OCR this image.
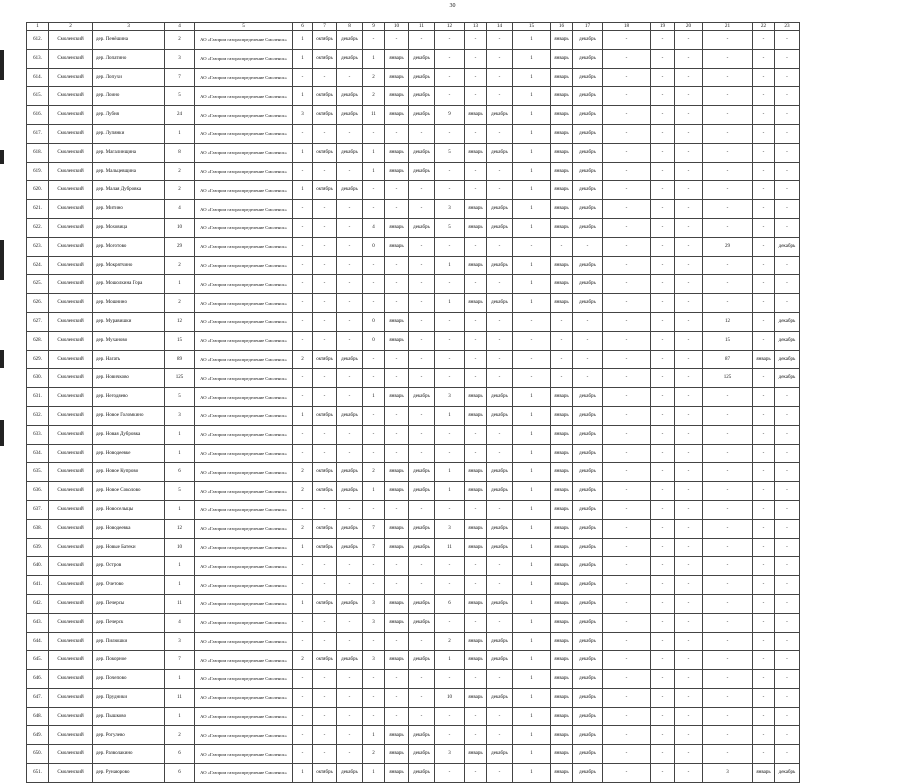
30
1	2	3	4	5	6	7	8	9	10	11	12	13	14	15	16	17	18	19	20	21	22	23
612.	Смоленский	дер. Пенёшина	2	АО «Газпром газораспределение Смоленск»	1	октябрь	декабрь	-	-	-	-	-	-	1	январь	декабрь	-	-	-	-	-	-
613.	Смоленский	дер. Лопатино	3	АО «Газпром газораспределение Смоленск»	1	октябрь	декабрь	1	январь	декабрь	-	-	-	1	январь	декабрь	-	-	-	-	-	-
614.	Смоленский	дер. Лопухи	7	АО «Газпром газораспределение Смоленск»	-	-	-	2	январь	декабрь	-	-	-	1	январь	декабрь	-	-	-	-	-	-
615.	Смоленский	дер. Лоино	5	АО «Газпром газораспределение Смоленск»	1	октябрь	декабрь	2	январь	декабрь	-	-	-	1	январь	декабрь	-	-	-	-	-	-
616.	Смоленский	дер. Лубня	24	АО «Газпром газораспределение Смоленск»	3	октябрь	декабрь	11	январь	декабрь	9	январь	декабрь	1	январь	декабрь	-	-	-	-	-	-
617.	Смоленский	дер. Лупянки	1	АО «Газпром газораспределение Смоленск»	-	-	-	-	-	-	-	-	-	1	январь	декабрь	-	-	-	-	-	-
618.	Смоленский	дер. Магалинщина	8	АО «Газпром газораспределение Смоленск»	1	октябрь	декабрь	1	январь	декабрь	5	январь	декабрь	1	январь	декабрь	-	-	-	-	-	-
619.	Смоленский	дер. Мальцевщина	2	АО «Газпром газораспределение Смоленск»	-	-	-	1	январь	декабрь	-	-	-	1	январь	декабрь	-	-	-	-	-	-
620.	Смоленский	дер. Малая Дубровка	2	АО «Газпром газораспределение Смоленск»	1	октябрь	декабрь	-	-	-	-	-	-	1	январь	декабрь	-	-	-	-	-	-
621.	Смоленский	дер. Митино	4	АО «Газпром газораспределение Смоленск»	-	-	-	-	-	-	3	январь	декабрь	1	январь	декабрь	-	-	-	-	-	-
622.	Смоленский	дер. Моховица	10	АО «Газпром газораспределение Смоленск»	-	-	-	4	январь	декабрь	5	январь	декабрь	1	январь	декабрь	-	-	-	-	-	-
623.	Смоленский	дер. Моготово	29	АО «Газпром газораспределение Смоленск»	-	-	-	0	январь	-	-	-	-	-	-	-	-	-	-	29	-	декабрь
624.	Смоленский	дер. Мокрятчино	2	АО «Газпром газораспределение Смоленск»	-	-	-	-	-	-	1	январь	декабрь	1	январь	декабрь	-	-	-	-	-	-
625.	Смоленский	дер. Мошолкина Гора	1	АО «Газпром газораспределение Смоленск»	-	-	-	-	-	-	-	-	-	1	январь	декабрь	-	-	-	-	-	-
626.	Смоленский	дер. Мошнино	2	АО «Газпром газораспределение Смоленск»	-	-	-	-	-	-	1	январь	декабрь	1	январь	декабрь	-	-	-	-	-	-
627.	Смоленский	дер. Муравишки	12	АО «Газпром газораспределение Смоленск»	-	-	-	0	январь	-	-	-	-	-	-	-	-	-	-	12	-	декабрь
628.	Смоленский	дер. Муханово	15	АО «Газпром газораспределение Смоленск»	-	-	-	0	январь	-	-	-	-	-	-	-	-	-	-	15	-	декабрь
629.	Смоленский	дер. Нагать	89	АО «Газпром газораспределение Смоленск»	2	октябрь	декабрь	-	-	-	-	-	-	-	-	-	-	-	-	87	январь	декабрь
630.	Смоленский	дер. Новичково	125	АО «Газпром газораспределение Смоленск»	-	-	-	-	-	-	-	-	-	-	-	-	-	-	-	125	-	декабрь
631.	Смоленский	дер. Негодяево	5	АО «Газпром газораспределение Смоленск»	-	-	-	1	январь	декабрь	3	январь	декабрь	1	январь	декабрь	-	-	-	-	-	-
632.	Смоленский	дер. Новое Голомкино	3	АО «Газпром газораспределение Смоленск»	1	октябрь	декабрь	-	-	-	1	январь	декабрь	1	январь	декабрь	-	-	-	-	-	-
633.	Смоленский	дер. Новая Дубровка	1	АО «Газпром газораспределение Смоленск»	-	-	-	-	-	-	-	-	-	1	январь	декабрь	-	-	-	-	-	-
634.	Смоленский	дер. Новодеевке	1	АО «Газпром газораспределение Смоленск»	-	-	-	-	-	-	-	-	-	1	январь	декабрь	-	-	-	-	-	-
635.	Смоленский	дер. Новое Купрово	6	АО «Газпром газораспределение Смоленск»	2	октябрь	декабрь	2	январь	декабрь	1	январь	декабрь	1	январь	декабрь	-	-	-	-	-	-
636.	Смоленский	дер. Новое Соколово	5	АО «Газпром газораспределение Смоленск»	2	октябрь	декабрь	1	январь	декабрь	1	январь	декабрь	1	январь	декабрь	-	-	-	-	-	-
637.	Смоленский	дер. Новоселыцы	1	АО «Газпром газораспределение Смоленск»	-	-	-	-	-	-	-	-	-	1	январь	декабрь	-	-	-	-	-	-
638.	Смоленский	дер. Новодеевка	12	АО «Газпром газораспределение Смоленск»	2	октябрь	декабрь	7	январь	декабрь	3	январь	декабрь	1	январь	декабрь	-	-	-	-	-	-
639.	Смоленский	дер. Новые Батеки	10	АО «Газпром газораспределение Смоленск»	1	октябрь	декабрь	7	январь	декабрь	11	январь	декабрь	1	январь	декабрь	-	-	-	-	-	-
640.	Смоленский	дер. Остров	1	АО «Газпром газораспределение Смоленск»	-	-	-	-	-	-	-	-	-	1	январь	декабрь	-	-	-	-	-	-
641.	Смоленский	дер. Очетово	1	АО «Газпром газораспределение Смоленск»	-	-	-	-	-	-	-	-	-	1	январь	декабрь	-	-	-	-	-	-
642.	Смоленский	дер. Печерсы	11	АО «Газпром газораспределение Смоленск»	1	октябрь	декабрь	3	январь	декабрь	6	январь	декабрь	1	январь	декабрь	-	-	-	-	-	-
643.	Смоленский	дер. Печерск	4	АО «Газпром газораспределение Смоленск»	-	-	-	3	январь	декабрь	-	-	-	1	январь	декабрь	-	-	-	-	-	-
644.	Смоленский	дер. Пилюшки	3	АО «Газпром газораспределение Смоленск»	-	-	-	-	-	-	2	январь	декабрь	1	январь	декабрь	-	-	-	-	-	-
645.	Смоленский	дер. Покорное	7	АО «Газпром газораспределение Смоленск»	2	октябрь	декабрь	3	январь	декабрь	1	январь	декабрь	1	январь	декабрь	-	-	-	-	-	-
646.	Смоленский	дер. Почепово	1	АО «Газпром газораспределение Смоленск»	-	-	-	-	-	-	-	-	-	1	январь	декабрь	-	-	-	-	-	-
647.	Смоленский	дер. Прудники	11	АО «Газпром газораспределение Смоленск»	-	-	-	-	-	-	10	январь	декабрь	1	январь	декабрь	-	-	-	-	-	-
648.	Смоленский	дер. Пышково	1	АО «Газпром газораспределение Смоленск»	-	-	-	-	-	-	-	-	-	1	январь	декабрь	-	-	-	-	-	-
649.	Смоленский	дер. Рогулево	2	АО «Газпром газораспределение Смоленск»	-	-	-	1	январь	декабрь	-	-	-	1	январь	декабрь	-	-	-	-	-	-
650.	Смоленский	дер. Разволакино	6	АО «Газпром газораспределение Смоленск»	-	-	-	2	январь	декабрь	3	январь	декабрь	1	январь	декабрь	-	-	-	-	-	-
651.	Смоленский	дер. Рунаюрово	6	АО «Газпром газораспределение Смоленск»	1	октябрь	декабрь	1	январь	декабрь	-	-	-	1	январь	декабрь	-	-	-	3	январь	декабрь
